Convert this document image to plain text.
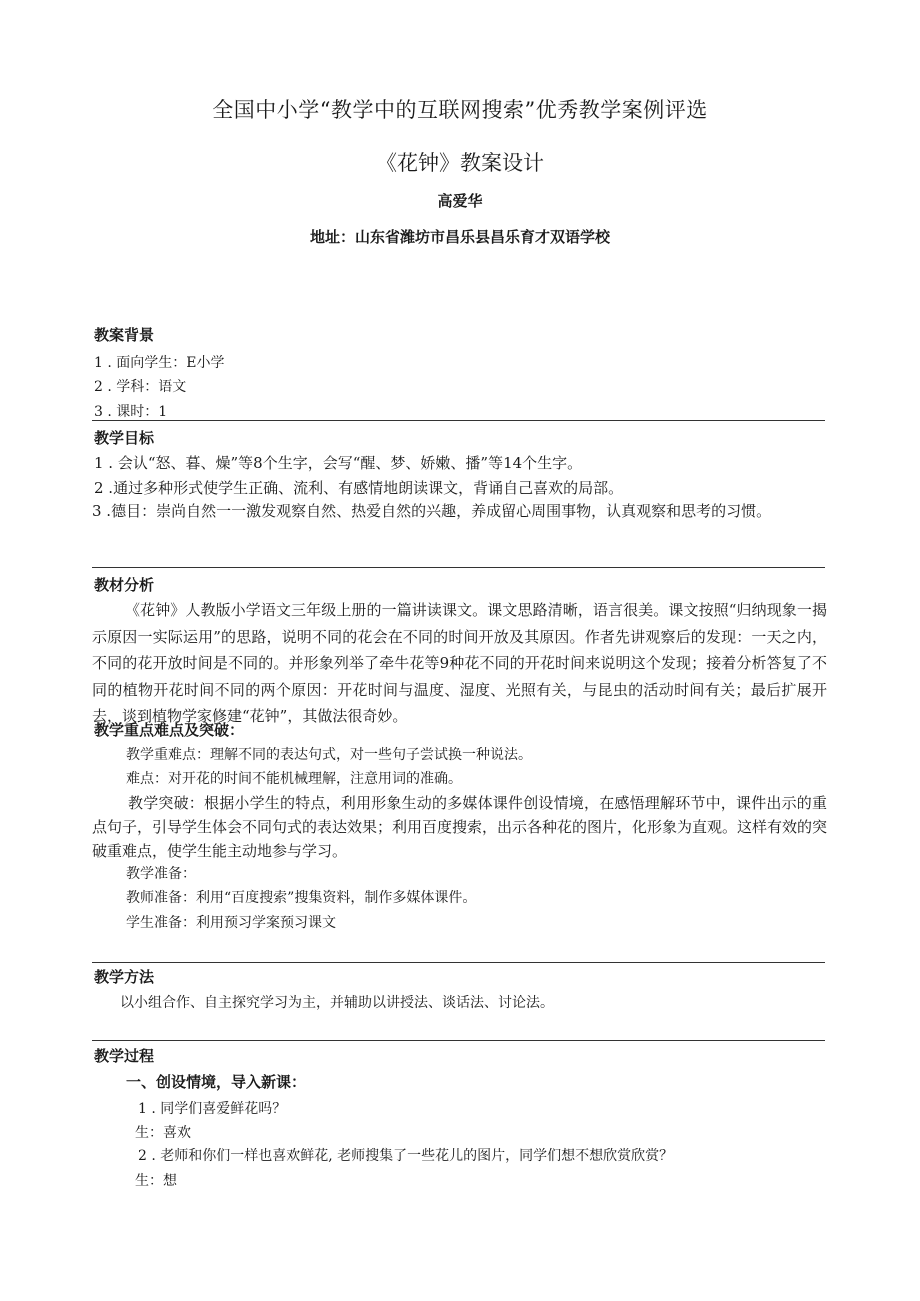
全国中小学“教学中的互联网搜索”优秀教学案例评选
《花钟》教案设计
高爱华
地址：山东省潍坊市昌乐县昌乐育才双语学校
教案背景
1 . 面向学生：E小学
2 . 学科：语文
3 . 课时：1
教学目标
1 . 会认“怒、暮、燥”等8个生字，会写“醒、梦、娇嫩、播”等14个生字。
2 .通过多种形式使学生正确、流利、有感情地朗读课文，背诵自己喜欢的局部。
3 .德目：崇尚自然一一激发观察自然、热爱自然的兴趣，养成留心周围事物，认真观察和思考的习惯。
教材分析
《花钟》人教版小学语文三年级上册的一篇讲读课文。课文思路清晰，语言很美。课文按照“归纳现象一揭示原因一实际运用”的思路，说明不同的花会在不同的时间开放及其原因。作者先讲观察后的发现：一天之内，不同的花开放时间是不同的。并形象列举了牵牛花等9种花不同的开花时间来说明这个发现；接着分析答复了不同的植物开花时间不同的两个原因：开花时间与温度、湿度、光照有关，与昆虫的活动时间有关；最后扩展开去，谈到植物学家修建“花钟”，其做法很奇妙。
教学重点难点及突破：
教学重难点：理解不同的表达句式，对一些句子尝试换一种说法。
难点：对开花的时间不能机械理解，注意用词的准确。
教学突破：根据小学生的特点，利用形象生动的多媒体课件创设情境，在感悟理解环节中，课件出示的重点句子，引导学生体会不同句式的表达效果；利用百度搜索，出示各种花的图片，化形象为直观。这样有效的突破重难点，使学生能主动地参与学习。
教学准备：
教师准备：利用“百度搜索”搜集资料，制作多媒体课件。
学生准备：利用预习学案预习课文
教学方法
以小组合作、自主探究学习为主，并辅助以讲授法、谈话法、讨论法。
教学过程
一、创设情境，导入新课：
1 . 同学们喜爱鲜花吗？
生：喜欢
2 . 老师和你们一样也喜欢鲜花, 老师搜集了一些花儿的图片，同学们想不想欣赏欣赏？
生：想
